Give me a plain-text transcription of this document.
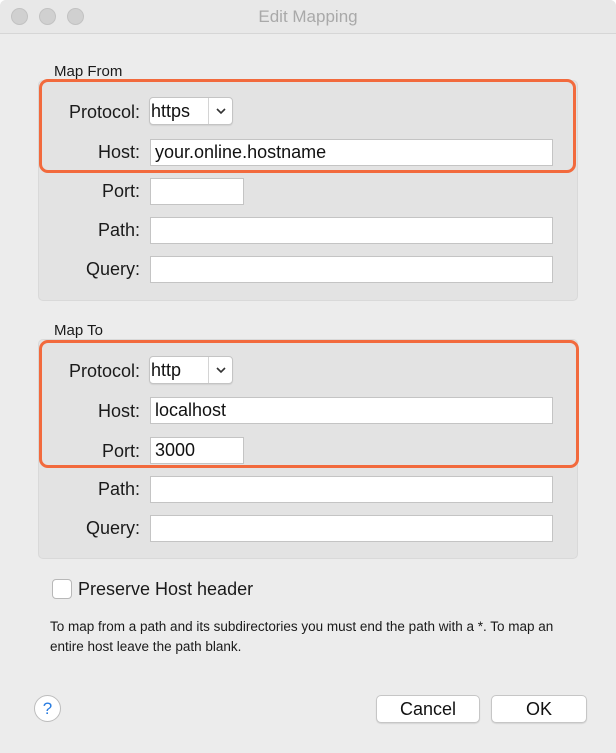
Edit Mapping
Map From
Protocol: https
Host: your.online.hostname
Port:
Path:
Query:
Map To
Protocol: http
Host: localhost
Port: 3000
Path:
Query:
Preserve Host header
To map from a path and its subdirectories you must end the path with a *. To map an entire host leave the path blank.
?	Cancel	OK
